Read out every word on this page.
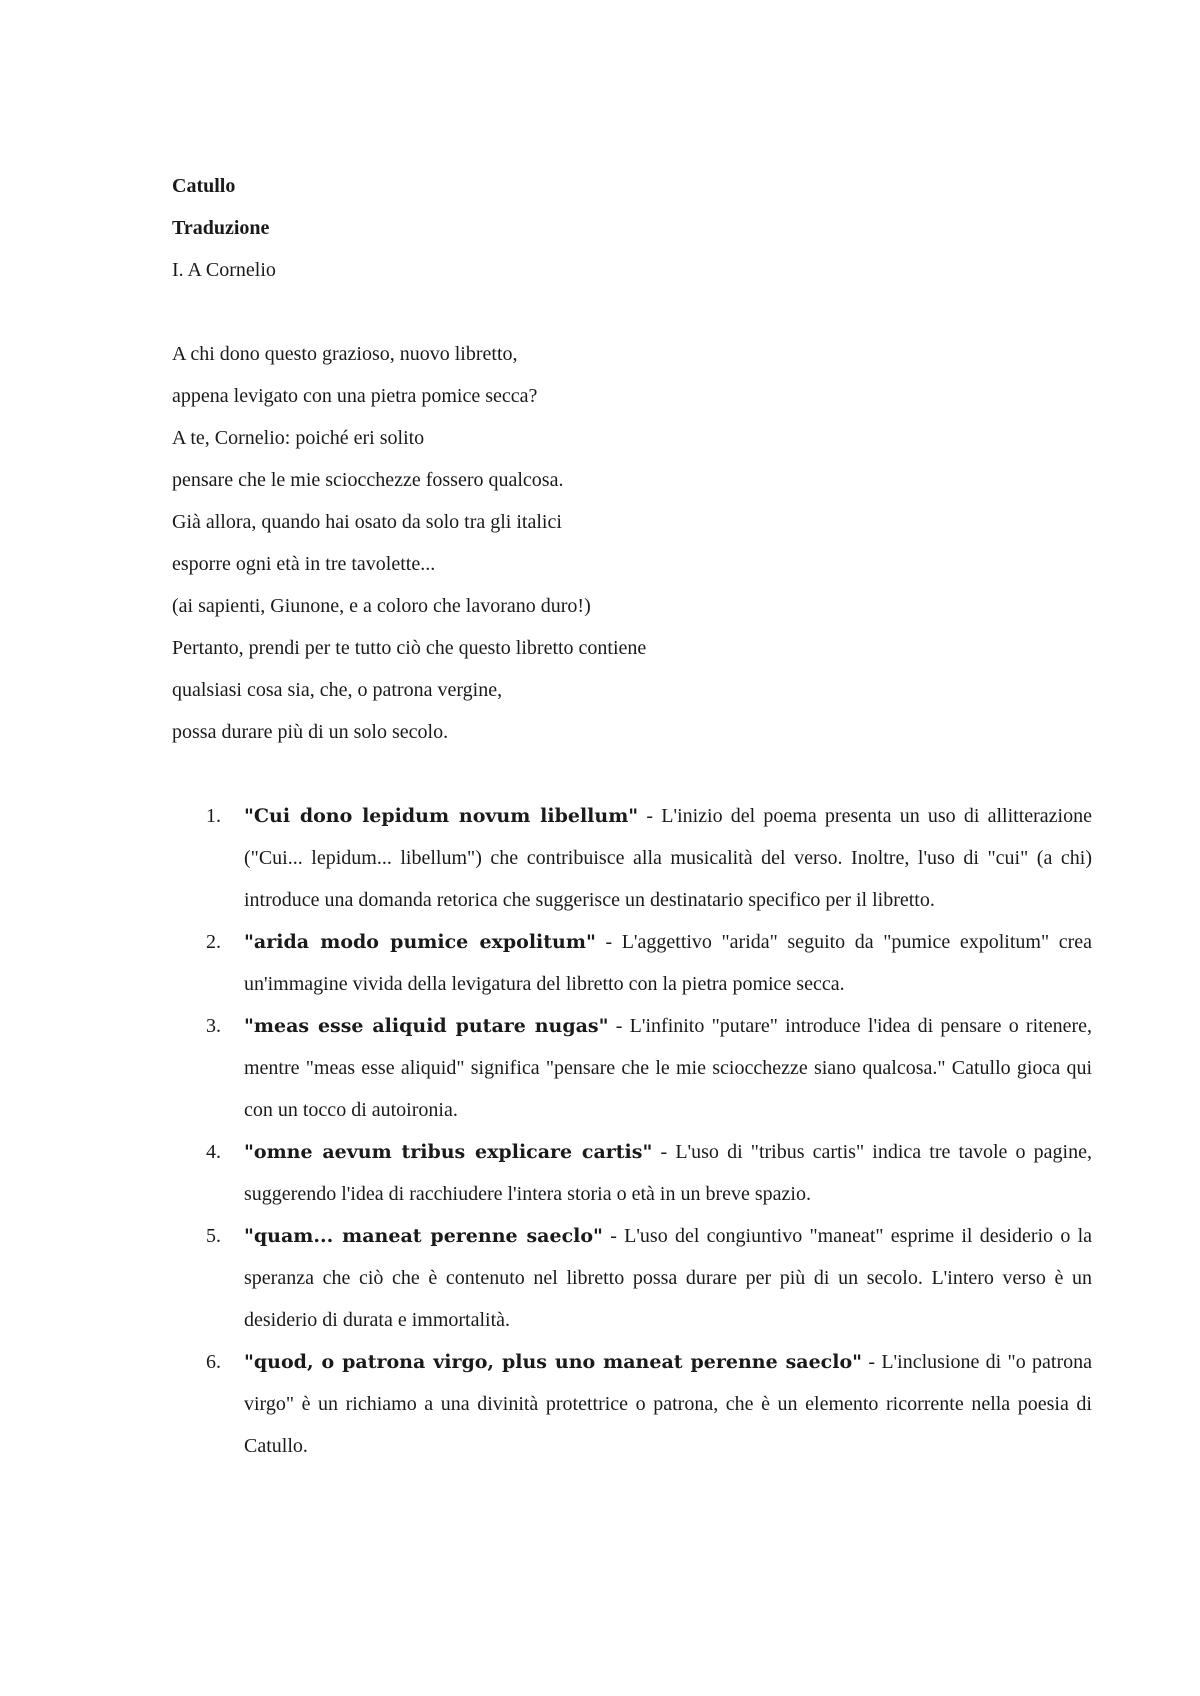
Catullo
Traduzione
I. A Cornelio
A chi dono questo grazioso, nuovo libretto,
appena levigato con una pietra pomice secca?
A te, Cornelio: poiché eri solito
pensare che le mie sciocchezze fossero qualcosa.
Già allora, quando hai osato da solo tra gli italici
esporre ogni età in tre tavolette...
(ai sapienti, Giunone, e a coloro che lavorano duro!)
Pertanto, prendi per te tutto ciò che questo libretto contiene
qualsiasi cosa sia, che, o patrona vergine,
possa durare più di un solo secolo.
1. "Cui dono lepidum novum libellum" - L'inizio del poema presenta un uso di allitterazione ("Cui... lepidum... libellum") che contribuisce alla musicalità del verso. Inoltre, l'uso di "cui" (a chi) introduce una domanda retorica che suggerisce un destinatario specifico per il libretto.
2. "arida modo pumice expolitum" - L'aggettivo "arida" seguito da "pumice expolitum" crea un'immagine vivida della levigatura del libretto con la pietra pomice secca.
3. "meas esse aliquid putare nugas" - L'infinito "putare" introduce l'idea di pensare o ritenere, mentre "meas esse aliquid" significa "pensare che le mie sciocchezze siano qualcosa." Catullo gioca qui con un tocco di autoironia.
4. "omne aevum tribus explicare cartis" - L'uso di "tribus cartis" indica tre tavole o pagine, suggerendo l'idea di racchiudere l'intera storia o età in un breve spazio.
5. "quam... maneat perenne saeclo" - L'uso del congiuntivo "maneat" esprime il desiderio o la speranza che ciò che è contenuto nel libretto possa durare per più di un secolo. L'intero verso è un desiderio di durata e immortalità.
6. "quod, o patrona virgo, plus uno maneat perenne saeclo" - L'inclusione di "o patrona virgo" è un richiamo a una divinità protettrice o patrona, che è un elemento ricorrente nella poesia di Catullo.
